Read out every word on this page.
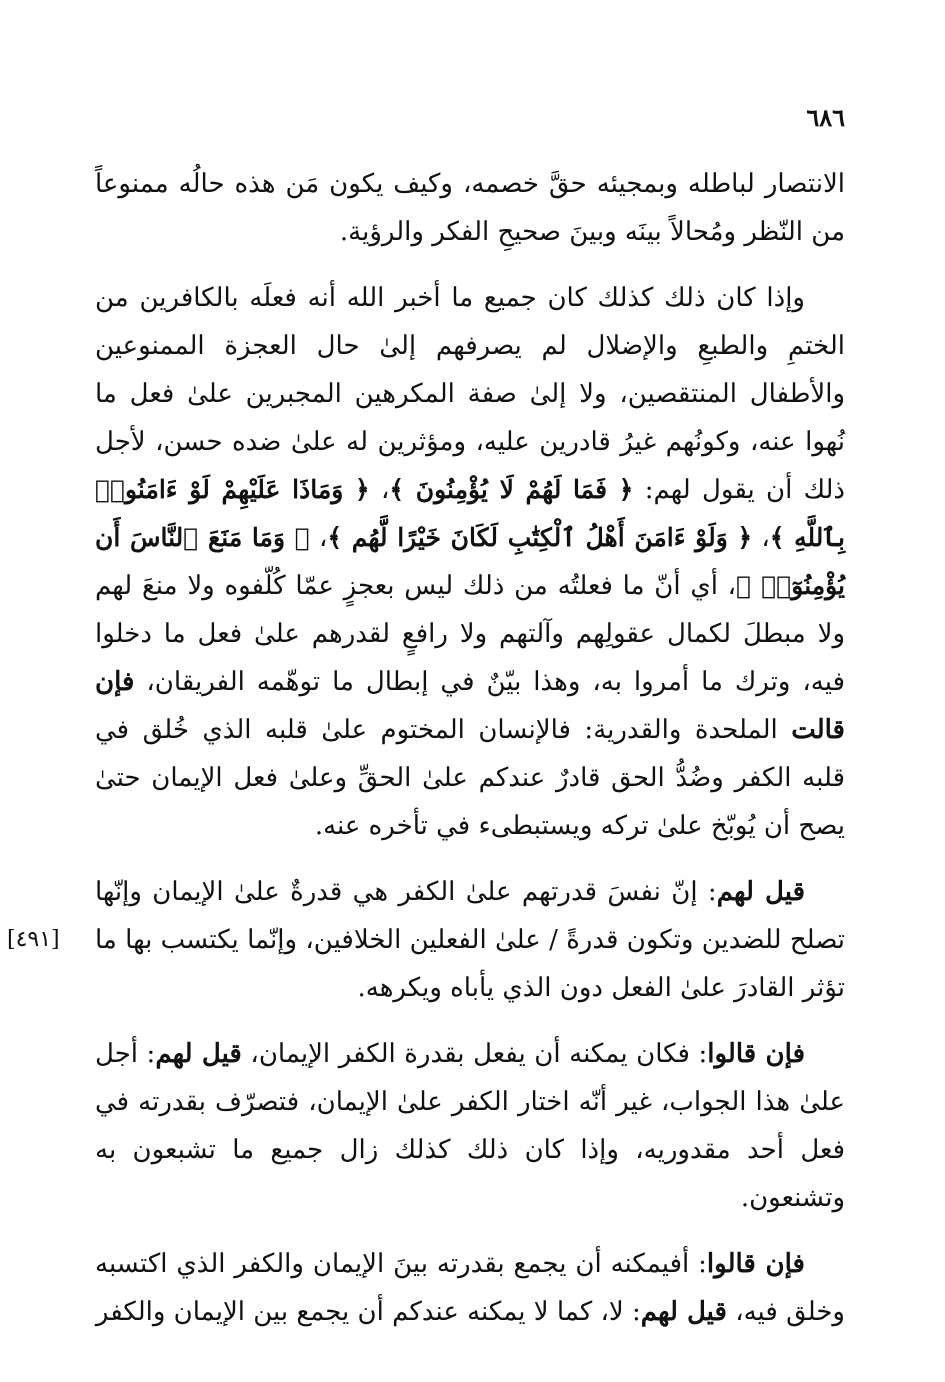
٦٨٦
الانتصار لباطله وبمجيئه حقَّ خصمه، وكيف يكون مَن هذه حالُه ممنوعاً من النّظر ومُحالاً بينَه وبينَ صحيحِ الفكر والرؤية.
وإذا كان ذلك كذلك كان جميع ما أخبر الله أنه فعلَه بالكافرين من الختمِ والطبعِ والإضلال لم يصرفهم إلىٰ حال العجزة الممنوعين والأطفال المنتقصين، ولا إلىٰ صفة المكرهين المجبرين علىٰ فعل ما نُهوا عنه، وكونُهم غيرُ قادرين عليه، ومؤثرين له علىٰ ضده حسن، لأجل ذلك أن يقول لهم: ﴿ فَمَا لَهُمْ لَا يُؤْمِنُونَ ﴾، ﴿ وَمَاذَا عَلَيْهِمْ لَوْ ءَامَنُوا۟ بِٱللَّهِ ﴾، ﴿ وَلَوْ ءَامَنَ أَهْلُ ٱلْكِتَٰبِ لَكَانَ خَيْرًا لَّهُم ﴾، ﴿ وَمَا مَنَعَ ٱلنَّاسَ أَن يُؤْمِنُوٓا۟ ﴾، أي أنّ ما فعلتُه من ذلك ليس بعجزٍ عمّا كُلّفوه ولا منعَ لهم ولا مبطلَ لكمال عقولِهم وآلتهم ولا رافعٍ لقدرهم علىٰ فعل ما دخلوا فيه، وترك ما أمروا به، وهذا بيّنٌ في إبطال ما توهّمه الفريقان، فإن قالت الملحدة والقدرية: فالإنسان المختوم علىٰ قلبه الذي خُلق في قلبه الكفر وضُدُّ الحق قادرٌ عندكم علىٰ الحقِّ وعلىٰ فعل الإيمان حتىٰ يصح أن يُوبّخ علىٰ تركه ويستبطىء في تأخره عنه.
قيل لهم: إنّ نفسَ قدرتهم علىٰ الكفر هي قدرةٌ علىٰ الإيمان وإنّها تصلح للضدين وتكون قدرةً / علىٰ الفعلين الخلافين، وإنّما يكتسب بها ما تؤثر القادرَ علىٰ الفعل دون الذي يأباه ويكرهه.
[٤٩١]
فإن قالوا: فكان يمكنه أن يفعل بقدرة الكفر الإيمان، قيل لهم: أجل علىٰ هذا الجواب، غير أنّه اختار الكفر علىٰ الإيمان، فتصرّف بقدرته في فعل أحد مقدوريه، وإذا كان ذلك كذلك زال جميع ما تشبعون به وتشنعون.
فإن قالوا: أفيمكنه أن يجمع بقدرته بينَ الإيمان والكفر الذي اكتسبه وخلق فيه، قيل لهم: لا، كما لا يمكنه عندكم أن يجمع بين الإيمان والكفر
